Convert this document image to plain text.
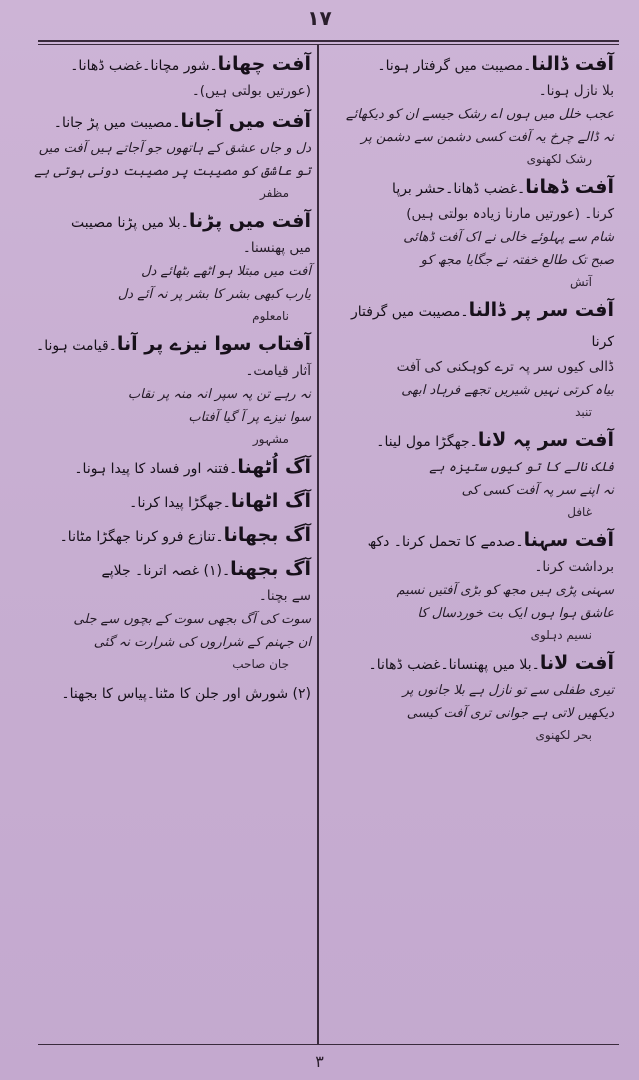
١٧
٣
آفت ڈالنا۔مصیبت میں گرفتار ہونا۔
بلا نازل ہونا۔
عجب خلل میں ہوں اے رشک جیسے ان کو دیکھائے
نہ ڈالے چرخ یہ آفت کسی دشمن سے دشمن پر
رشک لکھنوی
آفت ڈھانا۔غضب ڈھانا۔حشر برپا
کرنا۔ (عورتیں مارنا زیادہ بولتی ہیں)
شام سے پہلوئے خالی نے اک آفت ڈھائی
صبح تک طالع خفتہ نے جگایا مجھ کو
آتش
آفت سر پر ڈالنا۔مصیبت میں گرفتار کرنا
ڈالی کیوں سر پہ ترے کوہکنی کی آفت
بیاہ کرتی نہیں شیریں تجھے فرہاد ابھی
تنبد
آفت سر پہ لانا۔جھگڑا مول لینا۔
فلک نالے کا تو کیوں ستیزہ ہے
نہ اپنے سر پہ آفت کسی کی
غافل
آفت سہنا۔صدمے کا تحمل کرنا۔ دکھ
برداشت کرنا۔
سہنی پڑی ہیں مجھ کو بڑی آفتیں نسیم
عاشق ہوا ہوں ایک بت خوردسال کا
نسیم دہلوی
آفت لانا۔بلا میں پھنسانا۔غضب ڈھانا۔
تیری طفلی سے تو نازل ہے بلا جانوں پر
دیکھیں لاتی ہے جوانی تری آفت کیسی
بحر لکھنوی
آفت چھانا۔شور مچانا۔غضب ڈھانا۔
(عورتیں بولتی ہیں)۔
آفت میں آجانا۔مصیبت میں پڑ جانا۔
دل و جاں عشق کے ہاتھوں جو آجاتے ہیں آفت میں
تو عاشق کو مصیبت پر مصیبت دونی ہوتی ہے
مظفر
آفت میں پڑنا۔بلا میں پڑنا مصیبت
میں پھنسنا۔
آفت میں مبتلا ہو اٹھے بٹھائے دل
یارب کبھی بشر کا بشر پر نہ آئے دل
نامعلوم
آفتاب سوا نیزے پر آنا۔قیامت ہونا۔
آثار قیامت۔
نہ رہے تن پہ سپر انہ منہ پر نقاب
سوا نیزے پر آ گیا آفتاب
مشہور
آگ اُٹھنا۔فتنہ اور فساد کا پیدا ہونا۔
آگ اٹھانا۔جھگڑا پیدا کرنا۔
آگ بجھانا۔تنازع فرو کرنا جھگڑا مٹانا۔
آگ بجھنا۔(۱) غصہ اترنا۔ جلاپے
سے بچنا۔
سوت کی آگ بجھی سوت کے بچوں سے جلی
ان جہنم کے شراروں کی شرارت نہ گئی
جان صاحب
(۲) شورش اور جلن کا مٹنا۔پیاس کا بجھنا۔
